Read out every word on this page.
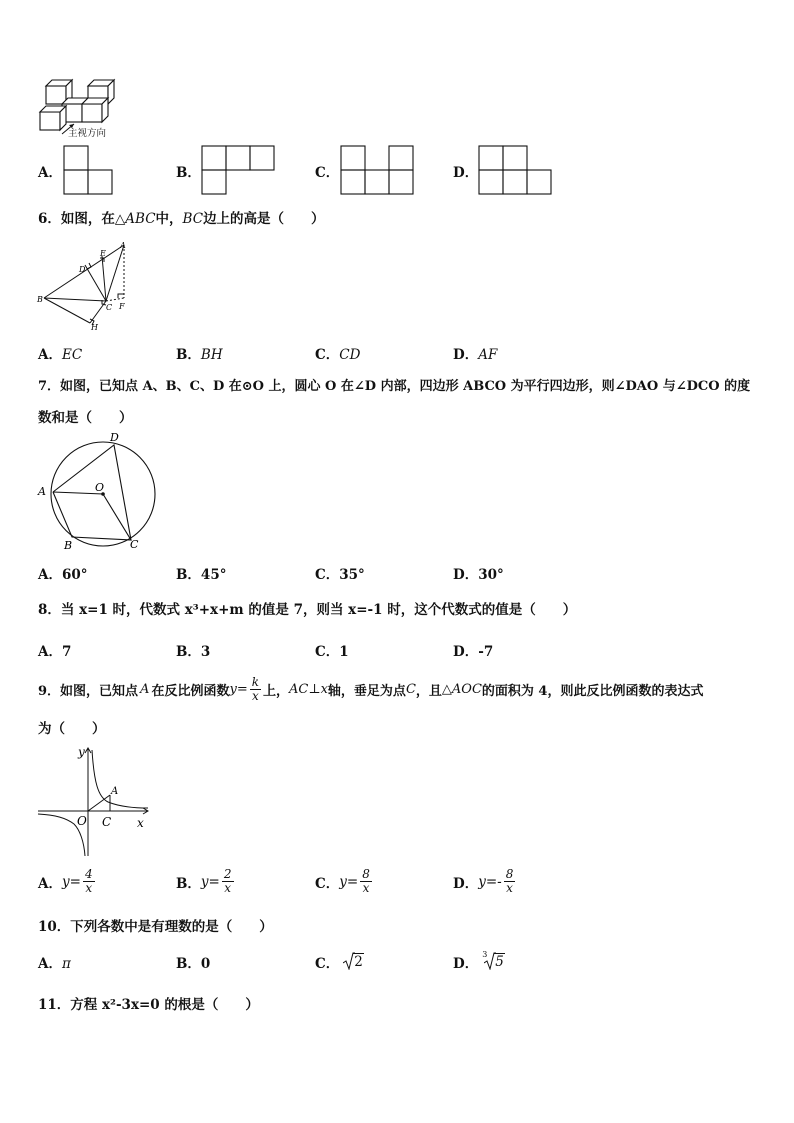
主视方向
A．	B．	C．	D．
6．如图，在△ABC中，BC边上的高是（　　）
A
B
C
D
E
F
H
A．EC	B．BH	C．CD	D．AF
7．如图，已知点 A、B、C、D 在⊙O 上，圆心 O 在∠D 内部，四边形 ABCO 为平行四边形，则∠DAO 与∠DCO 的度
数和是（　　）
D
A	O
B	C
A．60°	B．45°	C．35°	D．30°
8．当 x=1 时，代数式 x³+x+m 的值是 7，则当 x=-1 时，这个代数式的值是（　　）
A．7	B．3	C．1	D．-7
9．如图，已知点 A 在反比例函数 $y = \frac{k}{x}$ 上， AC⊥x 轴，垂足为点 C ，且 △AOC 的面积为 4，则此反比例函数的表达式
为（　　）
y
x
O C
A
A． $y= \frac{4}{x}$	B． $y= \frac{2}{x}$	C． $y= \frac{8}{x}$	D． $y=- \frac{8}{x}$
10．下列各数中是有理数的是（　　）
A．π	B．0	C．	2	D．
3 5
11．方程 x²-3x=0 的根是（　　）
